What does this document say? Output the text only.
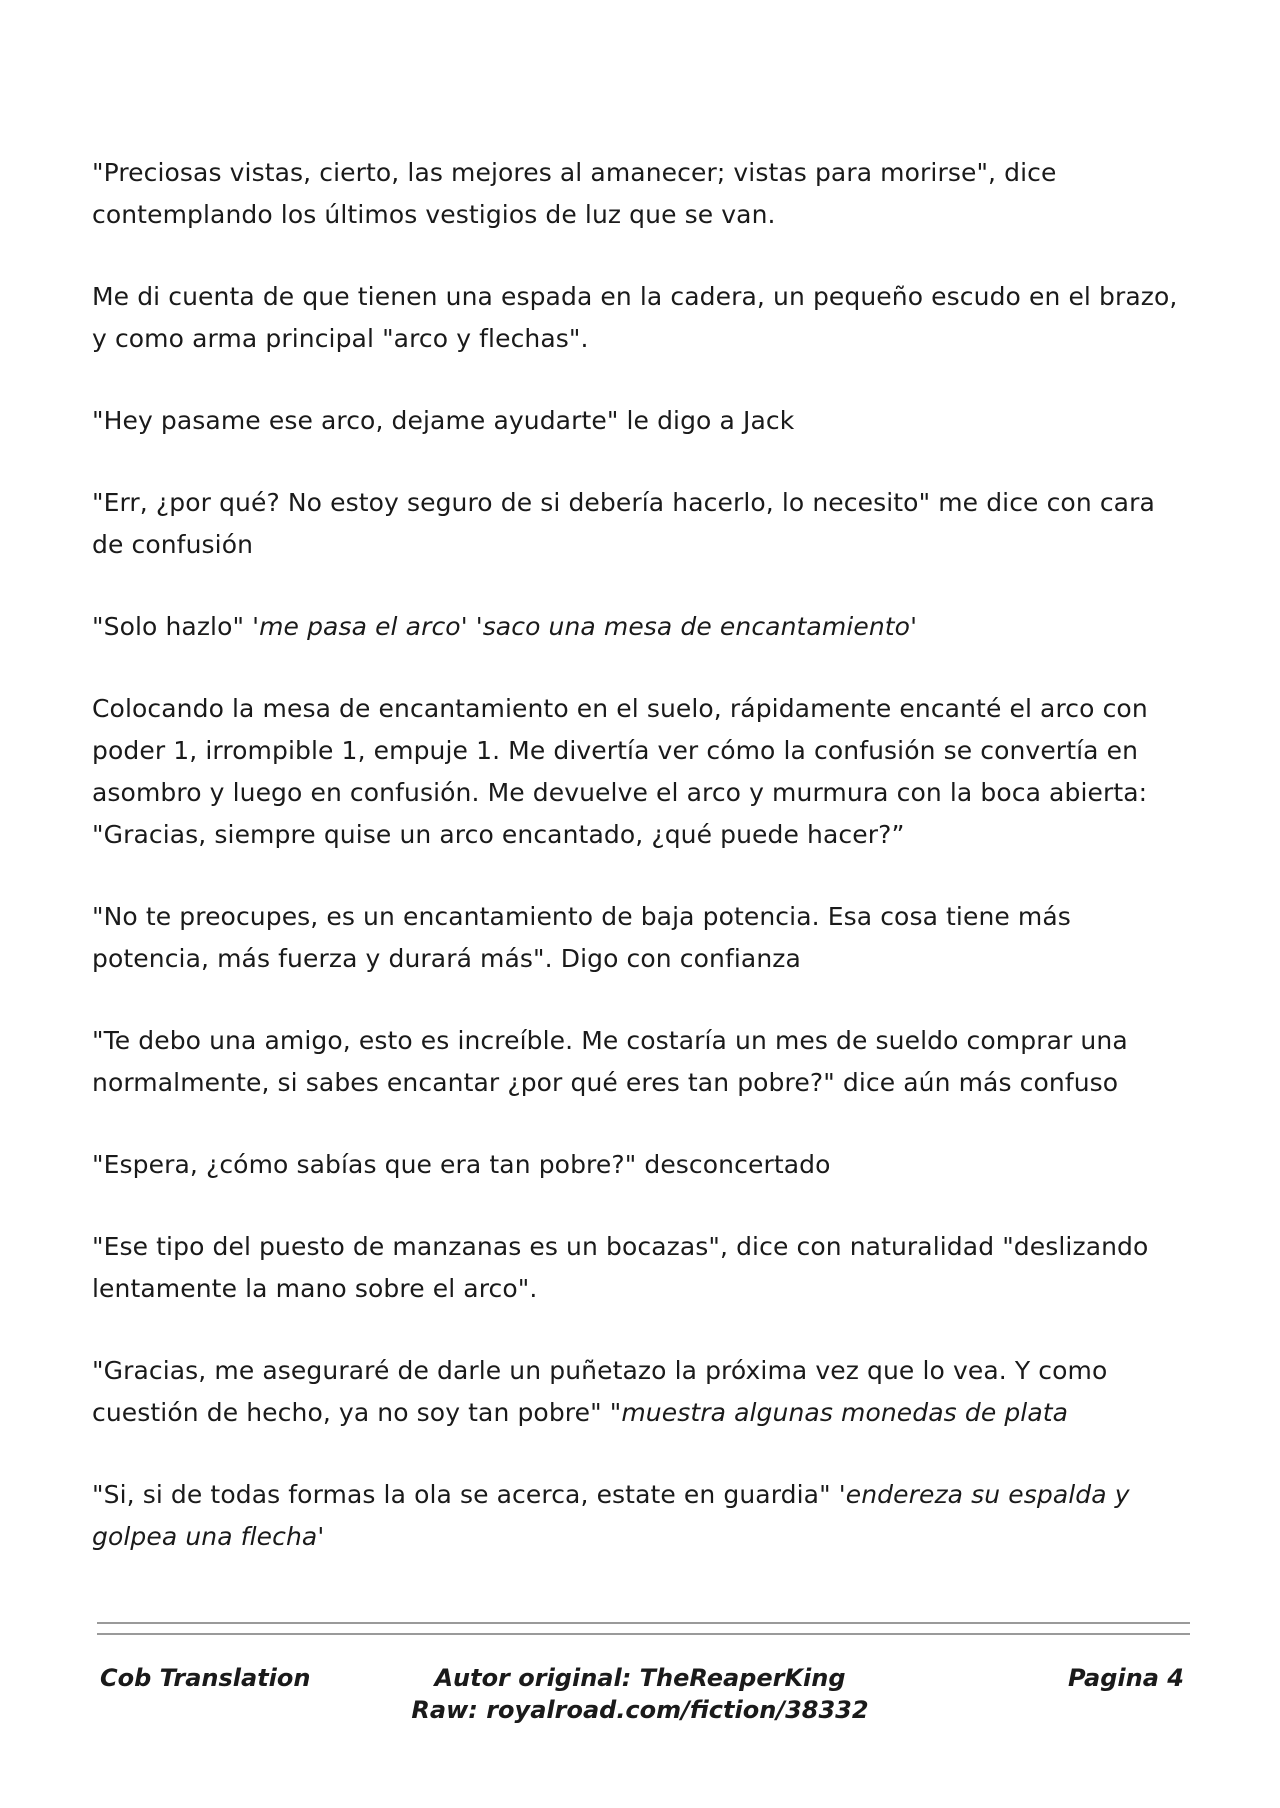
"Preciosas vistas, cierto, las mejores al amanecer; vistas para morirse", dice contemplando los últimos vestigios de luz que se van.

Me di cuenta de que tienen una espada en la cadera, un pequeño escudo en el brazo, y como arma principal "arco y flechas".

"Hey pasame ese arco, dejame ayudarte" le digo a Jack

"Err, ¿por qué? No estoy seguro de si debería hacerlo, lo necesito" me dice con cara de confusión

"Solo hazlo" 'me pasa el arco' 'saco una mesa de encantamiento'

Colocando la mesa de encantamiento en el suelo, rápidamente encanté el arco con poder 1, irrompible 1, empuje 1. Me divertía ver cómo la confusión se convertía en asombro y luego en confusión. Me devuelve el arco y murmura con la boca abierta: "Gracias, siempre quise un arco encantado, ¿qué puede hacer?”

"No te preocupes, es un encantamiento de baja potencia. Esa cosa tiene más potencia, más fuerza y durará más". Digo con confianza

"Te debo una amigo, esto es increíble. Me costaría un mes de sueldo comprar una normalmente, si sabes encantar ¿por qué eres tan pobre?" dice aún más confuso

"Espera, ¿cómo sabías que era tan pobre?" desconcertado

"Ese tipo del puesto de manzanas es un bocazas", dice con naturalidad "deslizando lentamente la mano sobre el arco".

"Gracias, me aseguraré de darle un puñetazo la próxima vez que lo vea. Y como cuestión de hecho, ya no soy tan pobre" "muestra algunas monedas de plata

"Si, si de todas formas la ola se acerca, estate en guardia" 'endereza su espalda y golpea una flecha'

Cob Translation	Autor original: TheReaperKing
Raw: royalroad.com/fiction/38332
Pagina 4
